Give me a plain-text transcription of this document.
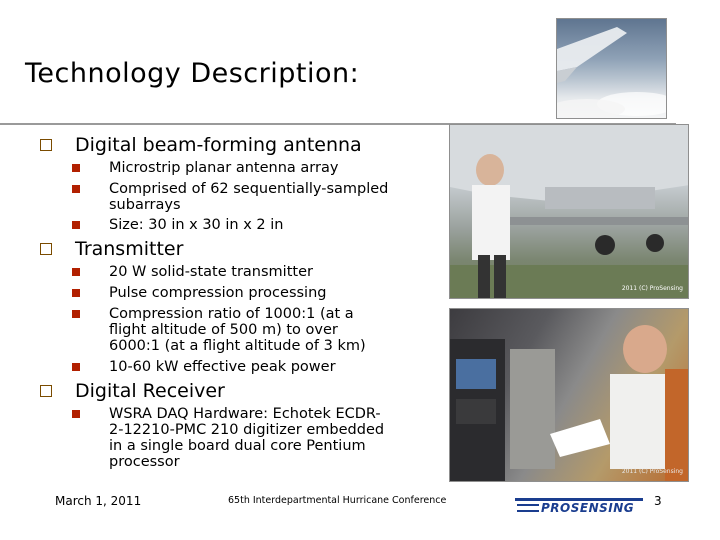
Technology Description:
2011 (C) ProSensing
2011 (C) ProSensing
Digital beam-forming antenna
Microstrip planar antenna array
Comprised of 62 sequentially-sampled
subarrays
Size: 30 in x 30 in x 2 in
Transmitter
20 W solid-state transmitter
Pulse compression processing
Compression ratio of 1000:1 (at a
flight altitude of 500 m) to over
6000:1 (at a flight altitude of 3 km)
10-60 kW effective peak power
Digital Receiver
WSRA DAQ Hardware: Echotek ECDR-
2-12210-PMC 210 digitizer embedded
in a single board dual core Pentium
processor
March 1, 2011	65th Interdepartmental Hurricane Conference
PROSENSING 3
